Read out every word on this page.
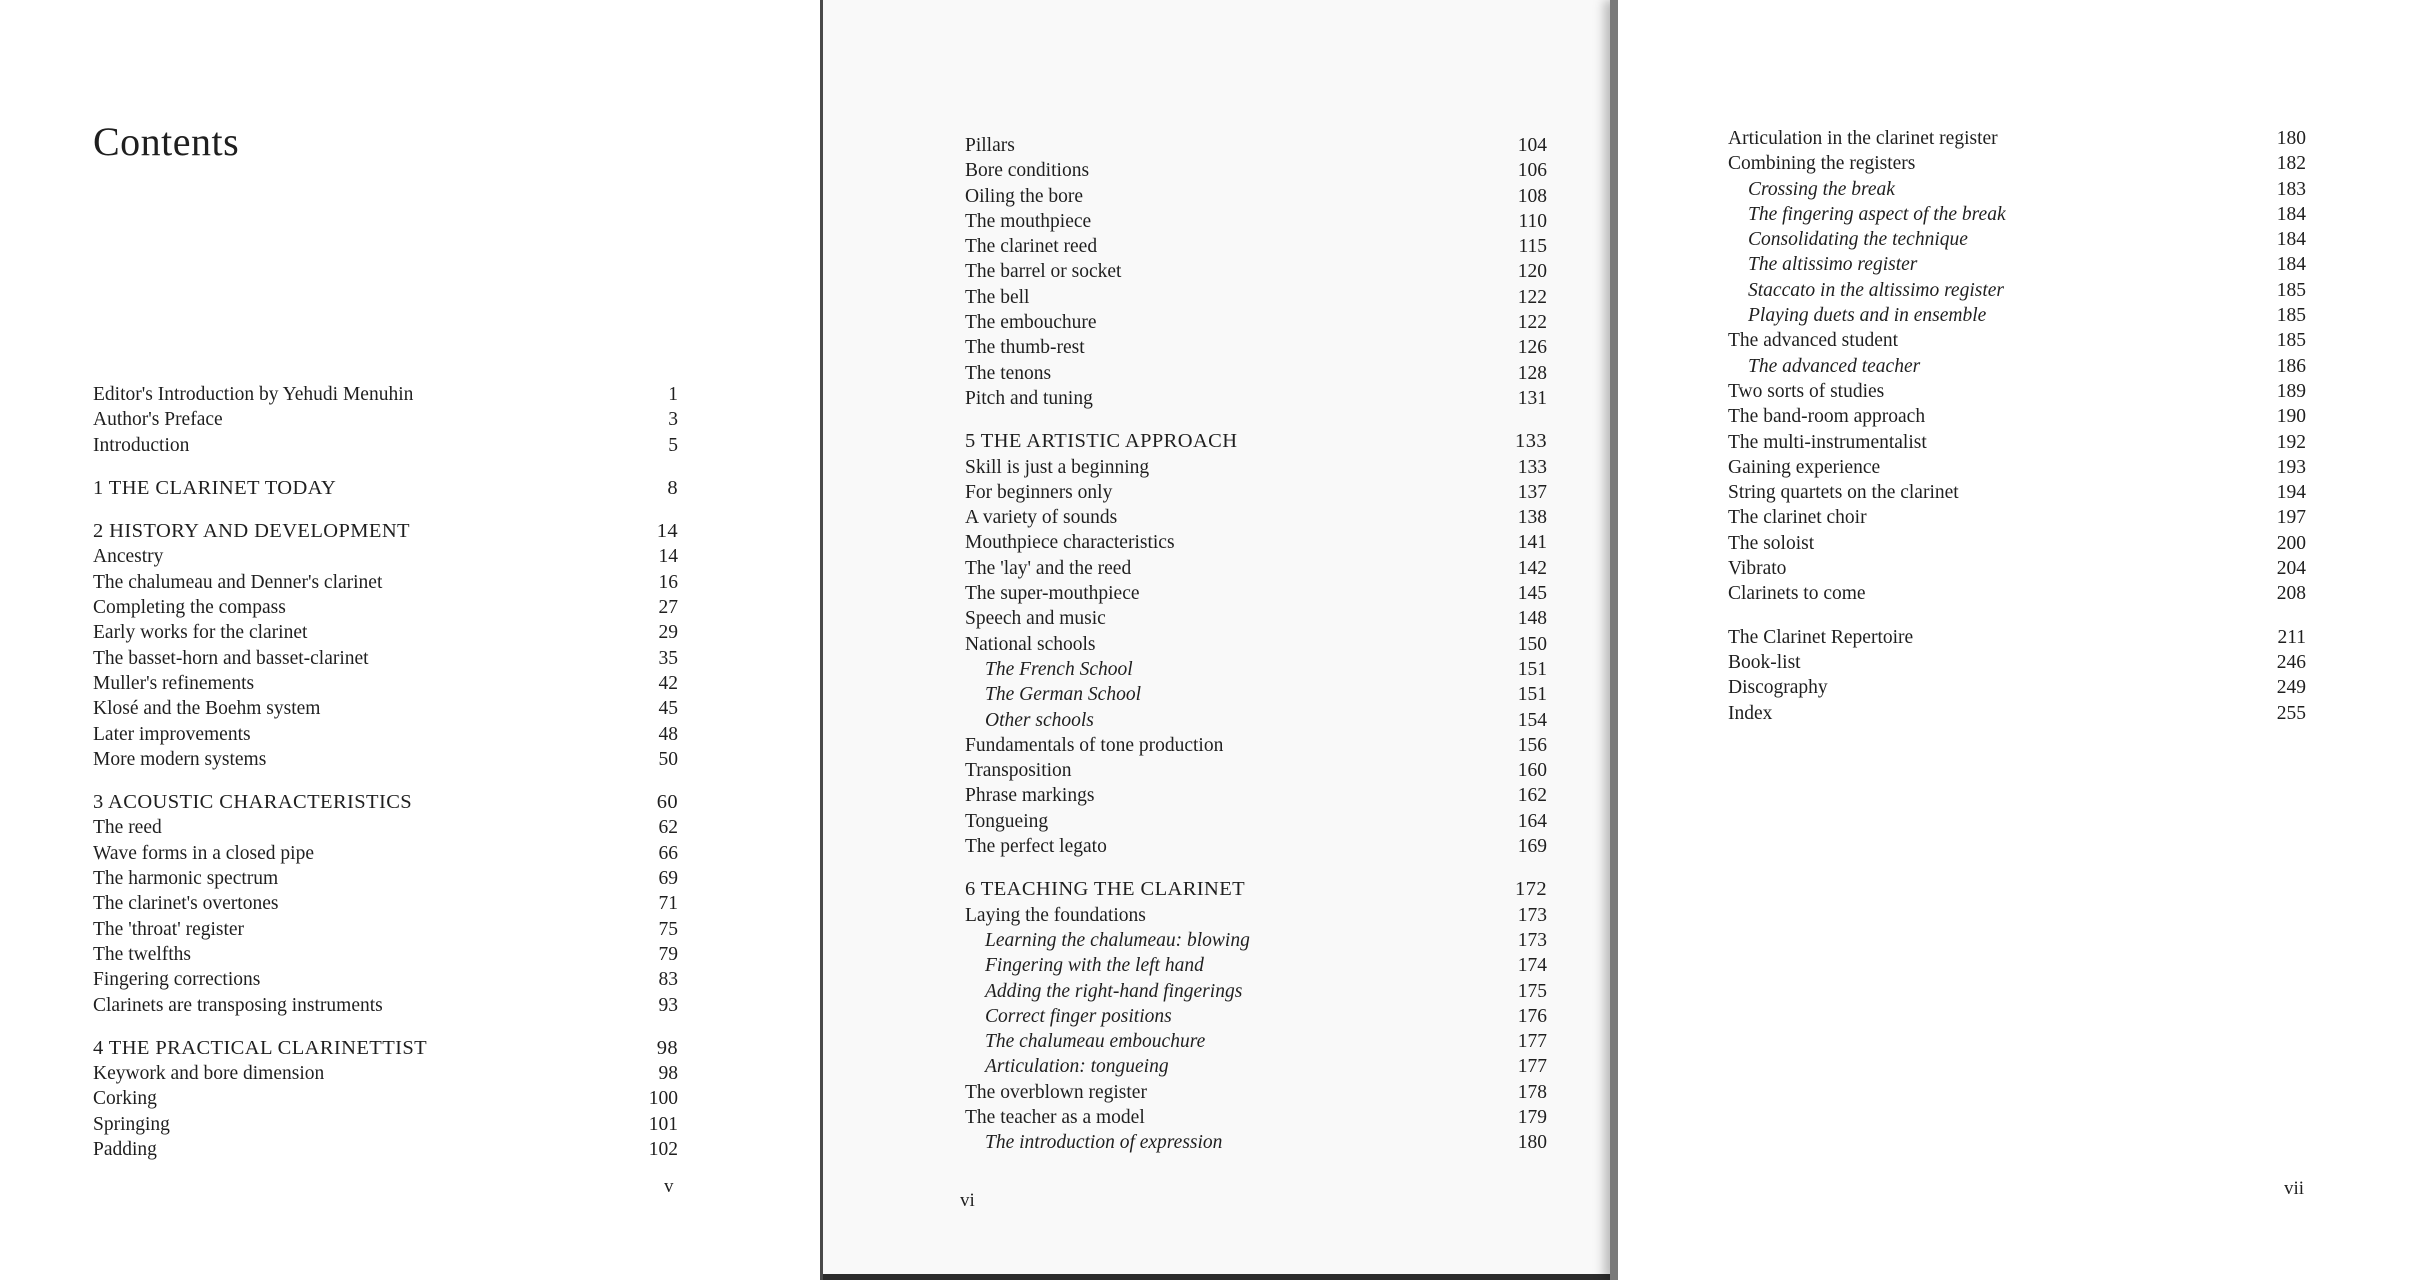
Contents
Editor's Introduction by Yehudi Menuhin	1
Author's Preface	3
Introduction	5
1 THE CLARINET TODAY	8
2 HISTORY AND DEVELOPMENT	14
Ancestry	14
The chalumeau and Denner's clarinet	16
Completing the compass	27
Early works for the clarinet	29
The basset-horn and basset-clarinet	35
Muller's refinements	42
Klosé and the Boehm system	45
Later improvements	48
More modern systems	50
3 ACOUSTIC CHARACTERISTICS	60
The reed	62
Wave forms in a closed pipe	66
The harmonic spectrum	69
The clarinet's overtones	71
The 'throat' register	75
The twelfths	79
Fingering corrections	83
Clarinets are transposing instruments	93
4 THE PRACTICAL CLARINETTIST	98
Keywork and bore dimension	98
Corking	100
Springing	101
Padding	102
v
Pillars	104
Bore conditions	106
Oiling the bore	108
The mouthpiece	110
The clarinet reed	115
The barrel or socket	120
The bell	122
The embouchure	122
The thumb-rest	126
The tenons	128
Pitch and tuning	131
5 THE ARTISTIC APPROACH	133
Skill is just a beginning	133
For beginners only	137
A variety of sounds	138
Mouthpiece characteristics	141
The 'lay' and the reed	142
The super-mouthpiece	145
Speech and music	148
National schools	150
The French School	151
The German School	151
Other schools	154
Fundamentals of tone production	156
Transposition	160
Phrase markings	162
Tongueing	164
The perfect legato	169
6 TEACHING THE CLARINET	172
Laying the foundations	173
Learning the chalumeau: blowing	173
Fingering with the left hand	174
Adding the right-hand fingerings	175
Correct finger positions	176
The chalumeau embouchure	177
Articulation: tongueing	177
The overblown register	178
The teacher as a model	179
The introduction of expression	180
vi
Articulation in the clarinet register	180
Combining the registers	182
Crossing the break	183
The fingering aspect of the break	184
Consolidating the technique	184
The altissimo register	184
Staccato in the altissimo register	185
Playing duets and in ensemble	185
The advanced student	185
The advanced teacher	186
Two sorts of studies	189
The band-room approach	190
The multi-instrumentalist	192
Gaining experience	193
String quartets on the clarinet	194
The clarinet choir	197
The soloist	200
Vibrato	204
Clarinets to come	208
The Clarinet Repertoire	211
Book-list	246
Discography	249
Index	255
vii
